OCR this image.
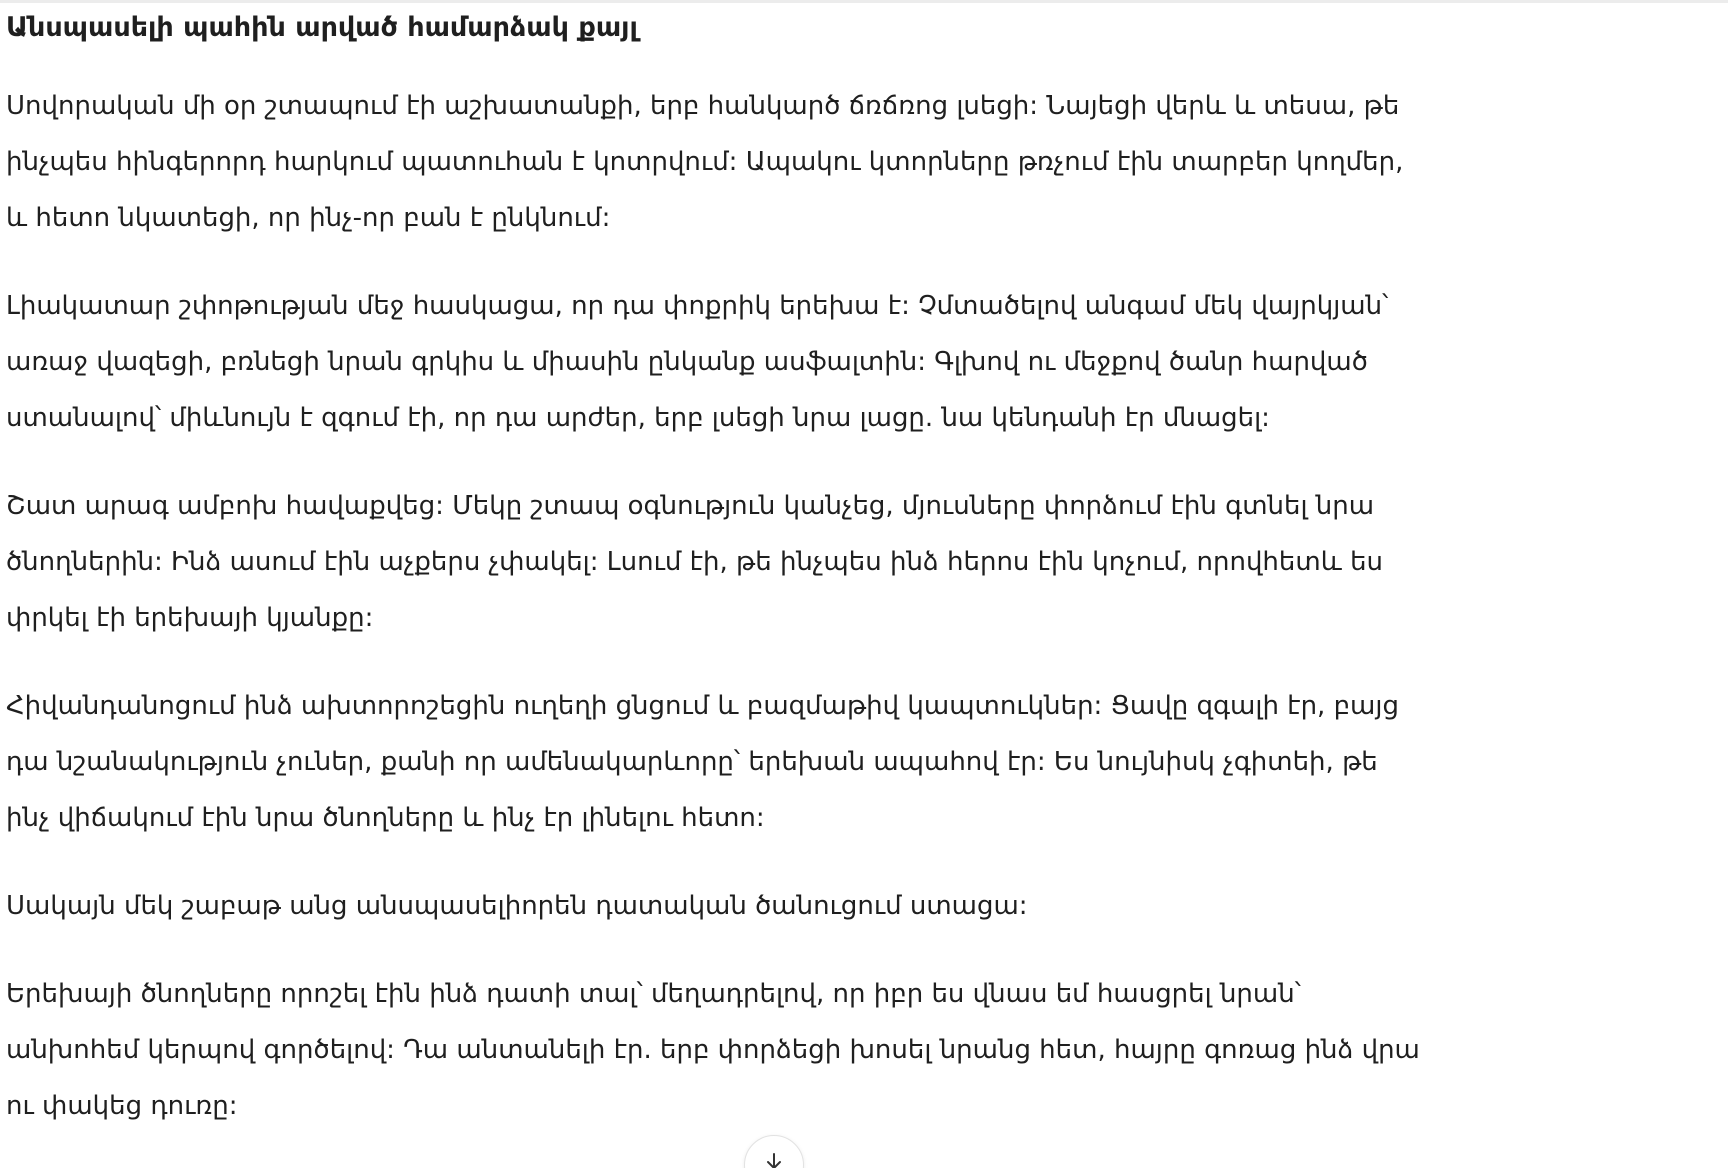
Անսպասելի պահին արված համարձակ քայլ
Սովորական մի օր շտապում էի աշխատանքի, երբ հանկարծ ճռճռոց լսեցի: Նայեցի վերև և տեսա, թե
ինչպես հինգերորդ հարկում պատուհան է կոտրվում: Ապակու կտորները թռչում էին տարբեր կողմեր,
և հետո նկատեցի, որ ինչ-որ բան է ընկնում:
Լիակատար շփոթության մեջ հասկացա, որ դա փոքրիկ երեխա է: Չմտածելով անգամ մեկ վայրկյան՝
առաջ վազեցի, բռնեցի նրան գրկիս և միասին ընկանք ասֆալտին: Գլխով ու մեջքով ծանր հարված
ստանալով՝ միևնույն է զգում էի, որ դա արժեր, երբ լսեցի նրա լացը. նա կենդանի էր մնացել:
Շատ արագ ամբոխ հավաքվեց: Մեկը շտապ օգնություն կանչեց, մյուսները փորձում էին գտնել նրա
ծնողներին: Ինձ ասում էին աչքերս չփակել: Լսում էի, թե ինչպես ինձ հերոս էին կոչում, որովհետև ես
փրկել էի երեխայի կյանքը:
Հիվանդանոցում ինձ ախտորոշեցին ուղեղի ցնցում և բազմաթիվ կապտուկներ: Ցավը զգալի էր, բայց
դա նշանակություն չուներ, քանի որ ամենակարևորը՝ երեխան ապահով էր: Ես նույնիսկ չգիտեի, թե
ինչ վիճակում էին նրա ծնողները և ինչ էր լինելու հետո:
Սակայն մեկ շաբաթ անց անսպասելիորեն դատական ծանուցում ստացա:
Երեխայի ծնողները որոշել էին ինձ դատի տալ՝ մեղադրելով, որ իբր ես վնաս եմ հասցրել նրան՝
անխոհեմ կերպով գործելով: Դա անտանելի էր. երբ փորձեցի խոսել նրանց հետ, հայրը գոռաց ինձ վրա
ու փակեց դուռը:
